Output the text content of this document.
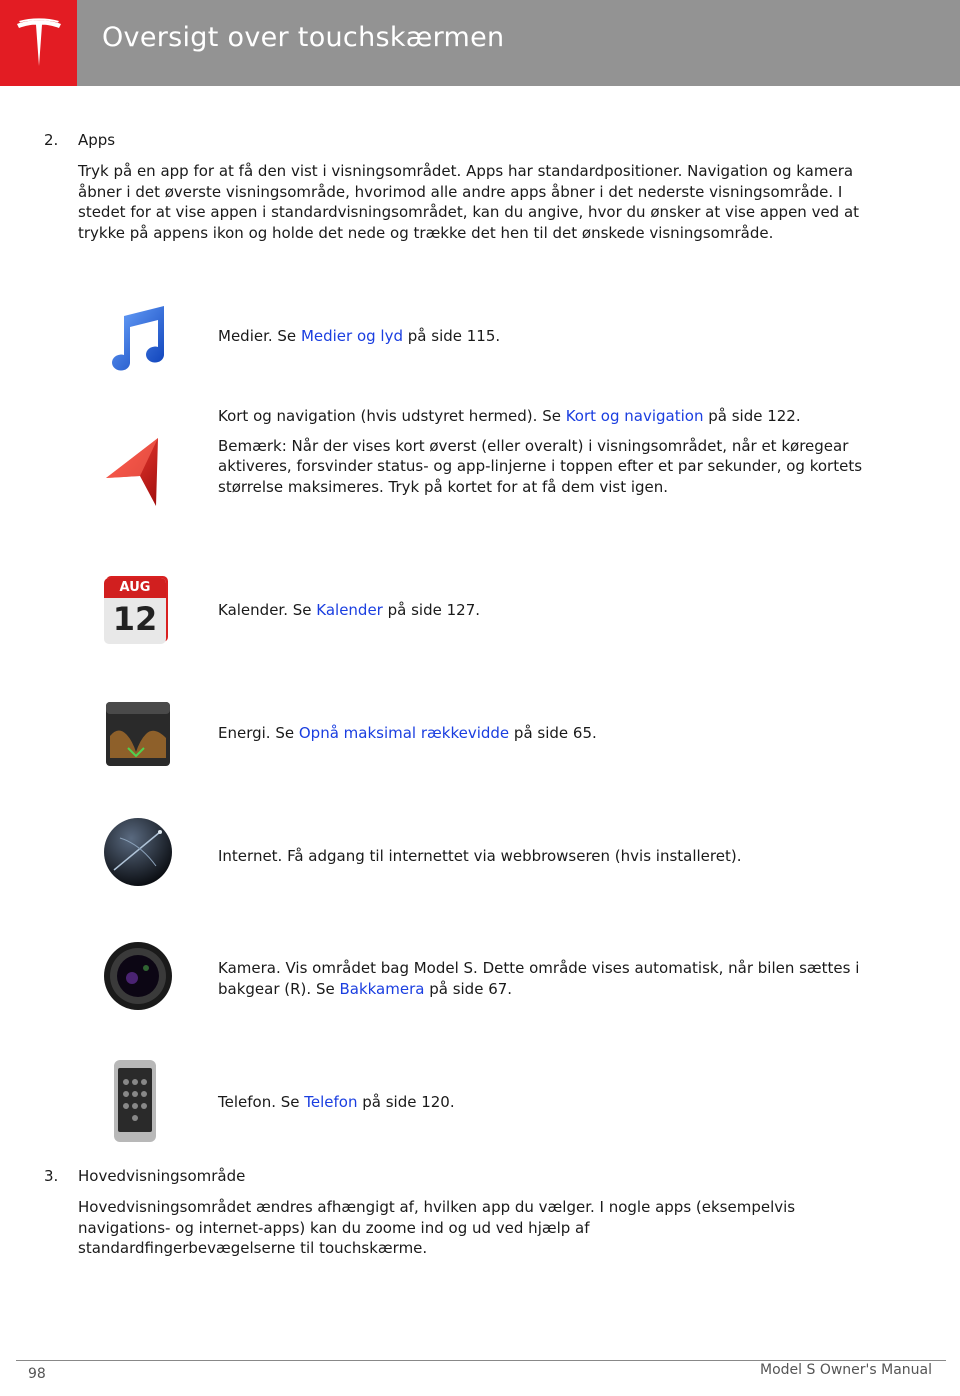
Oversigt over touchskærmen
2. Apps
Tryk på en app for at få den vist i visningsområdet. Apps har standardpositioner. Navigation og kamera åbner i det øverste visningsområde, hvorimod alle andre apps åbner i det nederste visningsområde. I stedet for at vise appen i standardvisningsområdet, kan du angive, hvor du ønsker at vise appen ved at trykke på appens ikon og holde det nede og trække det hen til det ønskede visningsområde.

Medier. Se Medier og lyd på side 115.

Kort og navigation (hvis udstyret hermed). Se Kort og navigation på side 122.

Bemærk: Når der vises kort øverst (eller overalt) i visningsområdet, når et køregear aktiveres, forsvinder status- og app-linjerne i toppen efter et par sekunder, og kortets størrelse maksimeres. Tryk på kortet for at få dem vist igen.

AUG
12	Kalender. Se Kalender på side 127.

Energi. Se Opnå maksimal rækkevidde på side 65.

Internet. Få adgang til internettet via webbrowseren (hvis installeret).

Kamera. Vis området bag Model S. Dette område vises automatisk, når bilen sættes i bakgear (R). Se Bakkamera på side 67.

Telefon. Se Telefon på side 120.

3. Hovedvisningsområde
Hovedvisningsområdet ændres afhængigt af, hvilken app du vælger. I nogle apps (eksempelvis navigations- og internet-apps) kan du zoome ind og ud ved hjælp af standardfingerbevægelserne til touchskærme.
98	Model S Owner's Manual
